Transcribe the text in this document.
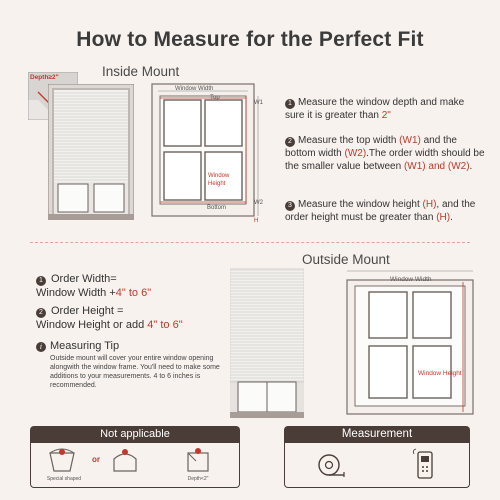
How to Measure for the Perfect Fit
Inside Mount
Depth≥2"
Window Width
Top
Bottom
Window
Height
W1
W2
H
1 Measure the window depth and make sure it is greater than 2"
2 Measure the top width (W1) and the bottom width (W2).The order width should be the smaller value between (W1) and (W2).
3 Measure the window height (H), and the order height must be greater than (H).
Outside Mount
1 Order Width=
Window Width +4" to 6"
2 Order Height =
Window Height or add 4" to 6"
i Measuring Tip
Outside mount will cover your entire window opening alongwith the window frame. You'll need to make some additions to your measurements. 4 to 6 inches is recommended.
Window Width
Window Height
Not applicable
or
Special shaped	Depth<2"
Measurement
